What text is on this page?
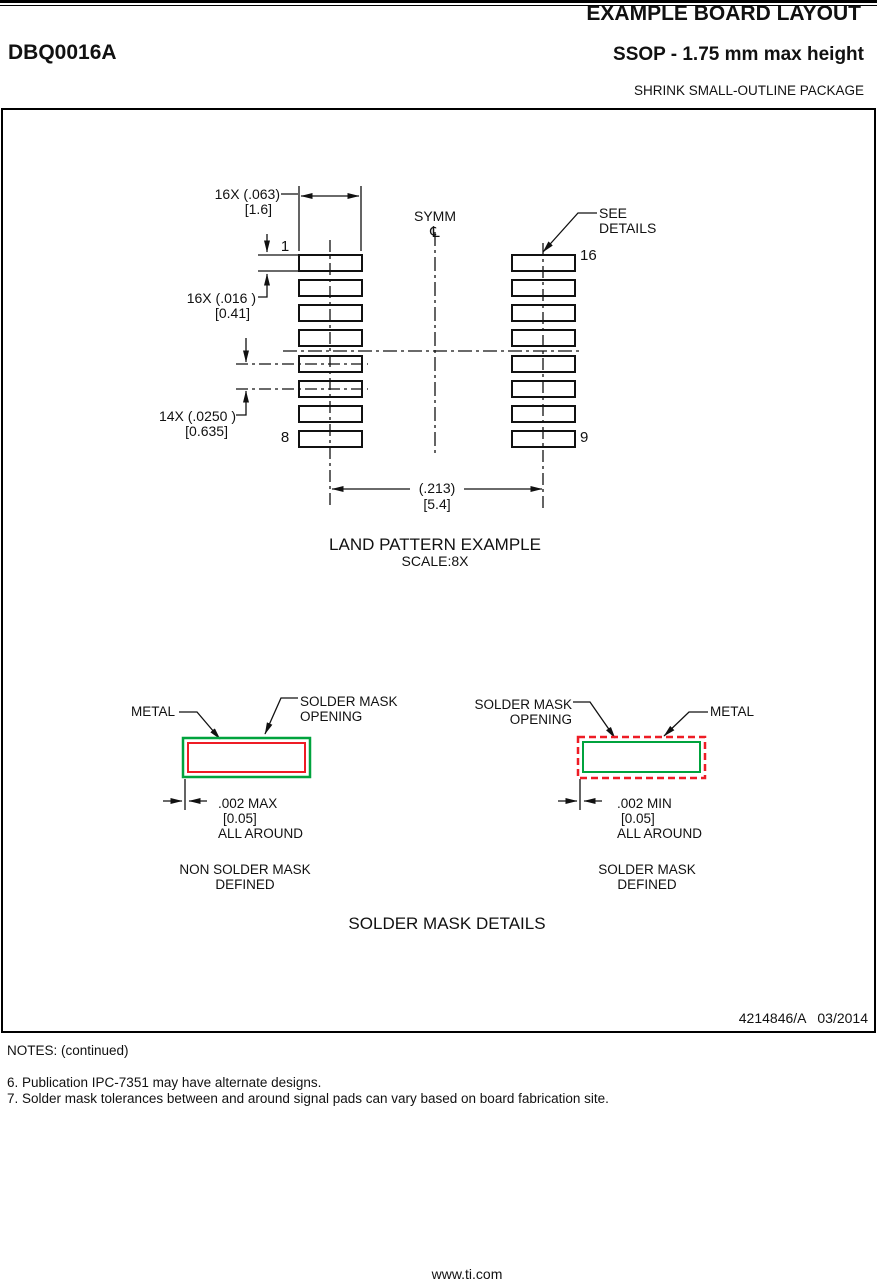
EXAMPLE BOARD LAYOUT
DBQ0016A	SSOP - 1.75 mm max height
SHRINK SMALL-OUTLINE PACKAGE
16X (.063)
[1.6]
1
8
16
9
16X (.016 )
[0.41]
14X (.0250 )
[0.635]
SYMM
℄
SEE
DETAILS
(.213)
[5.4]
LAND PATTERN EXAMPLE
SCALE:8X
METAL
SOLDER MASK
OPENING
.002 MAX
[0.05]
ALL AROUND
NON SOLDER MASK
DEFINED
SOLDER MASK
OPENING
METAL
.002 MIN
[0.05]
ALL AROUND
SOLDER MASK
DEFINED
SOLDER MASK DETAILS
4214846/A   03/2014
NOTES: (continued)
6. Publication IPC-7351 may have alternate designs.
7. Solder mask tolerances between and around signal pads can vary based on board fabrication site.
www.ti.com
